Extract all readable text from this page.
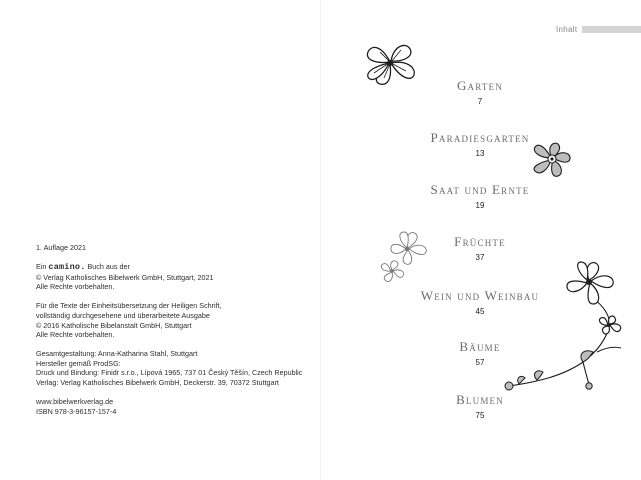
1. Auflage 2021
Ein camino. Buch aus der
© Verlag Katholisches Bibelwerk GmbH, Stuttgart, 2021
Alle Rechte vorbehalten.
Für die Texte der Einheitsübersetzung der Heiligen Schrift,
vollständig durchgesehene und überarbeitete Ausgabe
© 2016 Katholische Bibelanstalt GmbH, Stuttgart
Alle Rechte vorbehalten.
Gesamtgestaltung: Anna-Katharina Stahl, Stuttgart
Hersteller gemäß ProdSG:
Druck und Bindung: Finidr s.r.o., Lípová 1965, 737 01 Český Těšín, Czech Republic
Verlag: Verlag Katholisches Bibelwerk GmbH, Deckerstr. 39, 70372 Stuttgart
www.bibelwerkverlag.de
ISBN 978-3-96157-157-4
Inhalt
Garten
7
Paradiesgarten
13
Saat und Ernte
19
Früchte
37
Wein und Weinbau
45
Bäume
57
Blumen
75
